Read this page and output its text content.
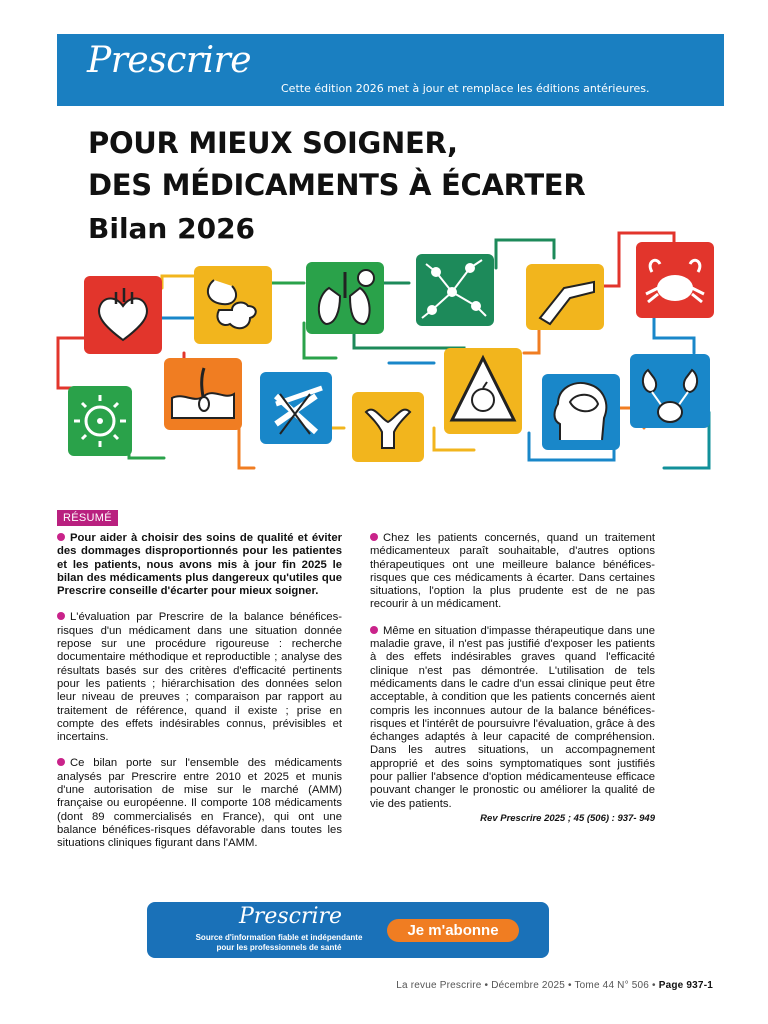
Prescrire
Cette édition 2026 met à jour et remplace les éditions antérieures.
POUR MIEUX SOIGNER,
DES MÉDICAMENTS À ÉCARTER
Bilan 2026
RÉSUMÉ

Pour aider à choisir des soins de qualité et éviter des dommages disproportionnés pour les patientes et les patients, nous avons mis à jour fin 2025 le bilan des médicaments plus dangereux qu'utiles que Prescrire conseille d'écarter pour mieux soigner.

L'évaluation par Prescrire de la balance bénéfices-risques d'un médicament dans une situation donnée repose sur une procédure rigoureuse : recherche documentaire méthodique et reproductible ; analyse des résultats basés sur des critères d'efficacité pertinents pour les patients ; hiérarchisation des données selon leur niveau de preuves ; comparaison par rapport au traitement de référence, quand il existe ; prise en compte des effets indésirables connus, prévisibles et incertains.

Ce bilan porte sur l'ensemble des médicaments analysés par Prescrire entre 2010 et 2025 et munis d'une autorisation de mise sur le marché (AMM) française ou européenne. Il comporte 108 médicaments (dont 89 commercialisés en France), qui ont une balance bénéfices-risques défavorable dans toutes les situations cliniques figurant dans l'AMM.

Chez les patients concernés, quand un traitement médicamenteux paraît souhaitable, d'autres options thérapeutiques ont une meilleure balance bénéfices-risques que ces médicaments à écarter. Dans certaines situations, l'option la plus prudente est de ne pas recourir à un médicament.

Même en situation d'impasse thérapeutique dans une maladie grave, il n'est pas justifié d'exposer les patients à des effets indésirables graves quand l'efficacité clinique n'est pas démontrée. L'utilisation de tels médicaments dans le cadre d'un essai clinique peut être acceptable, à condition que les patients concernés aient compris les inconnues autour de la balance bénéfices-risques et l'intérêt de poursuivre l'évaluation, grâce à des échanges adaptés à leur capacité de compréhension. Dans les autres situations, un accompagnement approprié et des soins symptomatiques sont justifiés pour pallier l'absence d'option médicamenteuse efficace pouvant changer le pronostic ou améliorer la qualité de vie des patients.

Rev Prescrire 2025 ; 45 (506) : 937- 949
Prescrire
Source d'information fiable et indépendante
pour les professionnels de santé
Je m'abonne
La revue Prescrire • Décembre 2025 • Tome 44 N° 506 • Page 937-1
